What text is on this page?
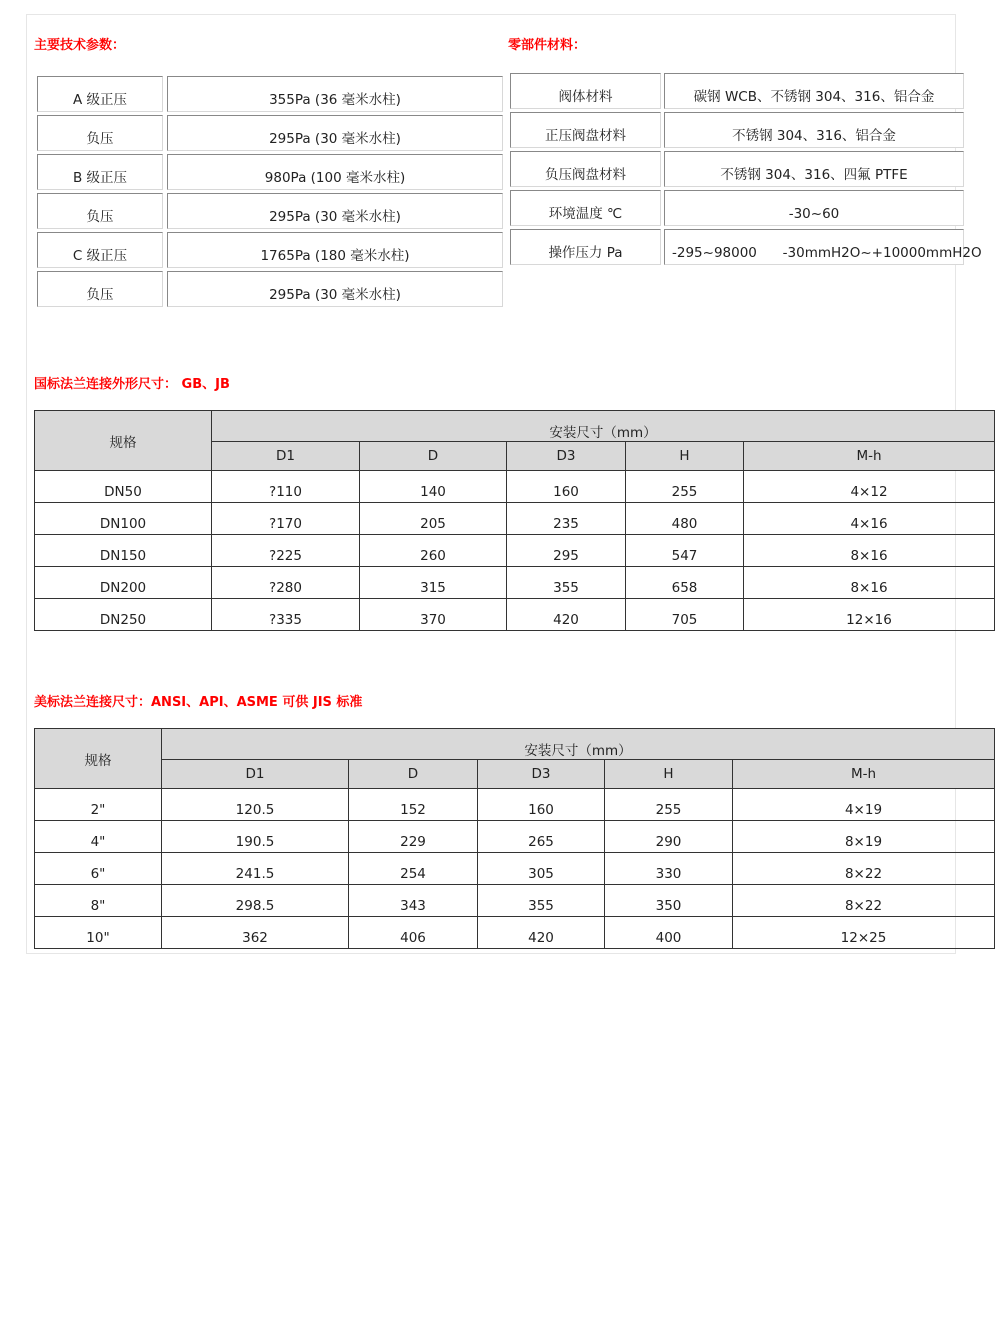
主要技术参数：	零部件材料：
A 级正压	355Pa (36 毫米水柱)
负压	295Pa (30 毫米水柱)
B 级正压	980Pa (100 毫米水柱)
负压	295Pa (30 毫米水柱)
C 级正压	1765Pa (180 毫米水柱)
负压	295Pa (30 毫米水柱)
阀体材料	碳钢 WCB、不锈钢 304、316、铝合金
正压阀盘材料	不锈钢 304、316、铝合金
负压阀盘材料	不锈钢 304、316、四氟 PTFE
环境温度 ℃	-30~60
操作压力 Pa	-295~98000      -30mmH2O~+10000mmH2O
国标法兰连接外形尺寸： GB、JB
规格	安装尺寸（mm）				
	D1	D	D3	H	M-h
DN50	?110	140	160	255	4×12
DN100	?170	205	235	480	4×16
DN150	?225	260	295	547	8×16
DN200	?280	315	355	658	8×16
DN250	?335	370	420	705	12×16
美标法兰连接尺寸：ANSI、API、ASME 可供 JIS 标准
规格	安装尺寸（mm）				
	D1	D	D3	H	M-h
2"	120.5	152	160	255	4×19
4"	190.5	229	265	290	8×19
6"	241.5	254	305	330	8×22
8"	298.5	343	355	350	8×22
10"	362	406	420	400	12×25
